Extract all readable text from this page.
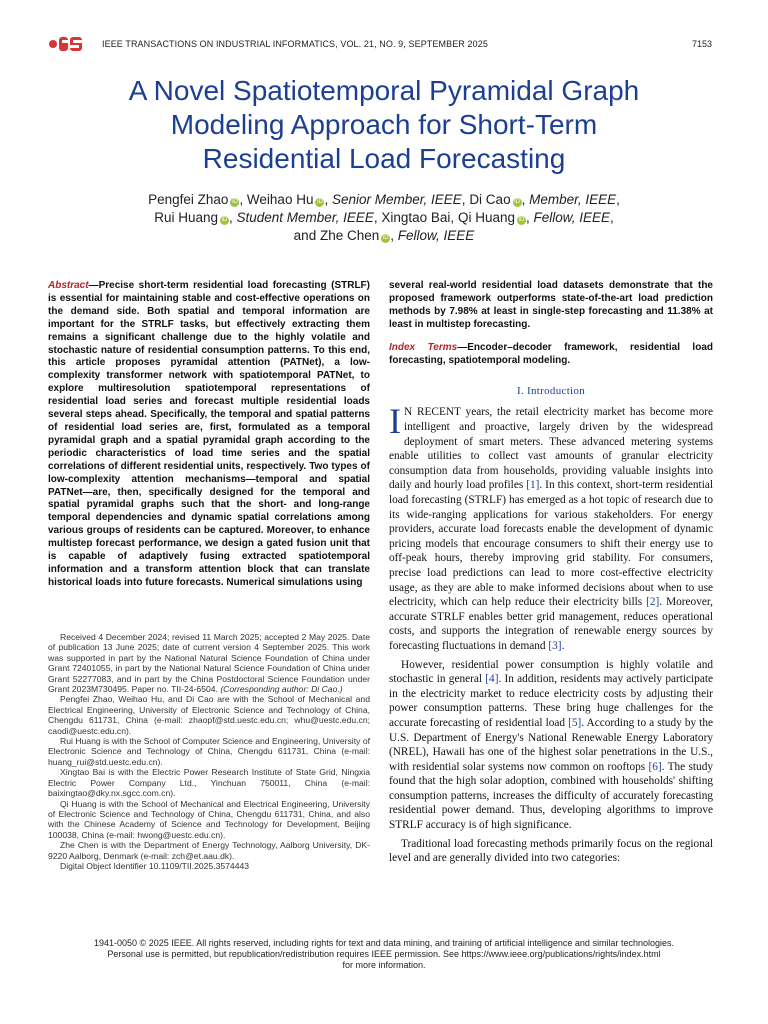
IEEE TRANSACTIONS ON INDUSTRIAL INFORMATICS, VOL. 21, NO. 9, SEPTEMBER 2025	7153
A Novel Spatiotemporal Pyramidal Graph
Modeling Approach for Short-Term
Residential Load Forecasting
Pengfei Zhao iD , Weihao Hu iD , Senior Member, IEEE, Di Cao iD , Member, IEEE,
Rui Huang iD , Student Member, IEEE, Xingtao Bai, Qi Huang iD , Fellow, IEEE,
and Zhe Chen iD , Fellow, IEEE

Abstract—Precise short-term residential load forecasting (STRLF) is essential for maintaining stable and cost-effective operations on the demand side. Both spatial and temporal information are important for the STRLF tasks, but effectively extracting them remains a significant challenge due to the highly volatile and stochastic nature of residential consumption patterns. To this end, this article proposes pyramidal attention (PATNet), a low-complexity transformer network with spatiotemporal PATNet, to explore multiresolution spatiotemporal representations of residential load series and forecast multiple residential loads several steps ahead. Specifically, the temporal and spatial patterns of residential load series are, first, formulated as a temporal pyramidal graph and a spatial pyramidal graph according to the periodic characteristics of load time series and the spatial correlations of different residential units, respectively. Two types of low-complexity attention mechanisms—temporal and spatial PATNet—are, then, specifically designed for the temporal and spatial pyramidal graphs such that the short- and long-range temporal dependencies and dynamic spatial correlations among various groups of residents can be captured. Moreover, to enhance multistep forecast performance, we design a gated fusion unit that is capable of adaptively fusing extracted spatiotemporal information and a transform attention block that can translate historical loads into future forecasts. Numerical simulations using

Received 4 December 2024; revised 11 March 2025; accepted 2 May 2025. Date of publication 13 June 2025; date of current version 4 September 2025. This work was supported in part by the National Natural Science Foundation of China under Grant 72401055, in part by the National Natural Science Foundation of China under Grant 52277083, and in part by the China Postdoctoral Science Foundation under Grant 2023M730495. Paper no. TII-24-6504. (Corresponding author: Di Cao.)

Pengfei Zhao, Weihao Hu, and Di Cao are with the School of Mechanical and Electrical Engineering, University of Electronic Science and Technology of China, Chengdu 611731, China (e-mail: zhaopf@std.uestc.edu.cn; whu@uestc.edu.cn; caodi@uestc.edu.cn).

Rui Huang is with the School of Computer Science and Engineering, University of Electronic Science and Technology of China, Chengdu 611731, China (e-mail: huang_rui@std.uestc.edu.cn).

Xingtao Bai is with the Electric Power Research Institute of State Grid, Ningxia Electric Power Company Ltd., Yinchuan 750011, China (e-mail: baixingtao@dky.nx.sgcc.com.cn).

Qi Huang is with the School of Mechanical and Electrical Engineering, University of Electronic Science and Technology of China, Chengdu 611731, China, and also with the Chinese Academy of Science and Technology for Development, Beijing 100038, China (e-mail: hwong@uestc.edu.cn).

Zhe Chen is with the Department of Energy Technology, Aalborg University, DK-9220 Aalborg, Denmark (e-mail: zch@et.aau.dk).

Digital Object Identifier 10.1109/TII.2025.3574443

several real-world residential load datasets demonstrate that the proposed framework outperforms state-of-the-art load prediction methods by 7.98% at least in single-step forecasting and 11.38% at least in multistep forecasting.

Index Terms—Encoder–decoder framework, residential load forecasting, spatiotemporal modeling.

I. Introduction

I N RECENT years, the retail electricity market has become more intelligent and proactive, largely driven by the widespread deployment of smart meters. These advanced metering systems enable utilities to collect vast amounts of granular electricity consumption data from households, providing valuable insights into daily and hourly load profiles [1]. In this context, short-term residential load forecasting (STRLF) has emerged as a hot topic of research due to its wide-ranging applications for various stakeholders. For energy providers, accurate load forecasts enable the development of dynamic pricing models that encourage consumers to shift their energy use to off-peak hours, thereby improving grid stability. For consumers, precise load predictions can lead to more cost-effective electricity usage, as they are able to make informed decisions about when to use electricity, which can help reduce their electricity bills [2]. Moreover, accurate STRLF enables better grid management, reduces operational costs, and supports the integration of renewable energy sources by forecasting fluctuations in demand [3].

However, residential power consumption is highly volatile and stochastic in general [4]. In addition, residents may actively participate in the electricity market to reduce electricity costs by adjusting their power consumption patterns. These bring huge challenges for the accurate forecasting of residential load [5]. According to a study by the U.S. Department of Energy's National Renewable Energy Laboratory (NREL), Hawaii has one of the highest solar penetrations in the U.S., with residential solar systems now common on rooftops [6]. The study found that the high solar adoption, combined with households' shifting consumption patterns, increases the difficulty of accurately forecasting residential power demand. Thus, developing algorithms to improve STRLF accuracy is of high significance.

Traditional load forecasting methods primarily focus on the regional level and are generally divided into two categories:

1941-0050 © 2025 IEEE. All rights reserved, including rights for text and data mining, and training of artificial intelligence and similar technologies.
Personal use is permitted, but republication/redistribution requires IEEE permission. See https://www.ieee.org/publications/rights/index.html
for more information.
